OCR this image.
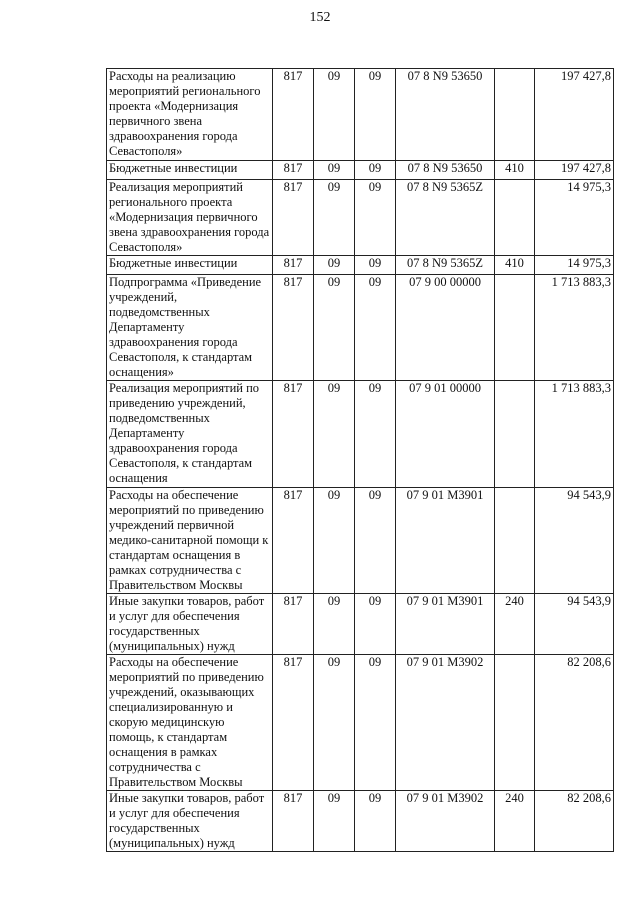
152
Расходы на реализацию мероприятий регионального проекта «Модернизация первичного звена здравоохранения города Севастополя»	817	09	09	07 8 N9 53650		197 427,8
Бюджетные инвестиции	817	09	09	07 8 N9 53650	410	197 427,8
Реализация мероприятий регионального проекта «Модернизация первичного звена здравоохранения города Севастополя»	817	09	09	07 8 N9 5365Z		14 975,3
Бюджетные инвестиции	817	09	09	07 8 N9 5365Z	410	14 975,3
Подпрограмма «Приведение учреждений, подведомственных Департаменту здравоохранения города Севастополя, к стандартам оснащения»	817	09	09	07 9 00 00000		1 713 883,3
Реализация мероприятий по приведению учреждений, подведомственных Департаменту здравоохранения города Севастополя, к стандартам оснащения	817	09	09	07 9 01 00000		1 713 883,3
Расходы на обеспечение мероприятий по приведению учреждений первичной медико-санитарной помощи к стандартам оснащения в рамках сотрудничества с Правительством Москвы	817	09	09	07 9 01 М3901		94 543,9
Иные закупки товаров, работ и услуг для обеспечения государственных (муниципальных) нужд	817	09	09	07 9 01 М3901	240	94 543,9
Расходы на обеспечение мероприятий по приведению учреждений, оказывающих специализированную и скорую медицинскую помощь, к стандартам оснащения в рамках сотрудничества с Правительством Москвы	817	09	09	07 9 01 М3902		82 208,6
Иные закупки товаров, работ и услуг для обеспечения государственных (муниципальных) нужд	817	09	09	07 9 01 М3902	240	82 208,6
